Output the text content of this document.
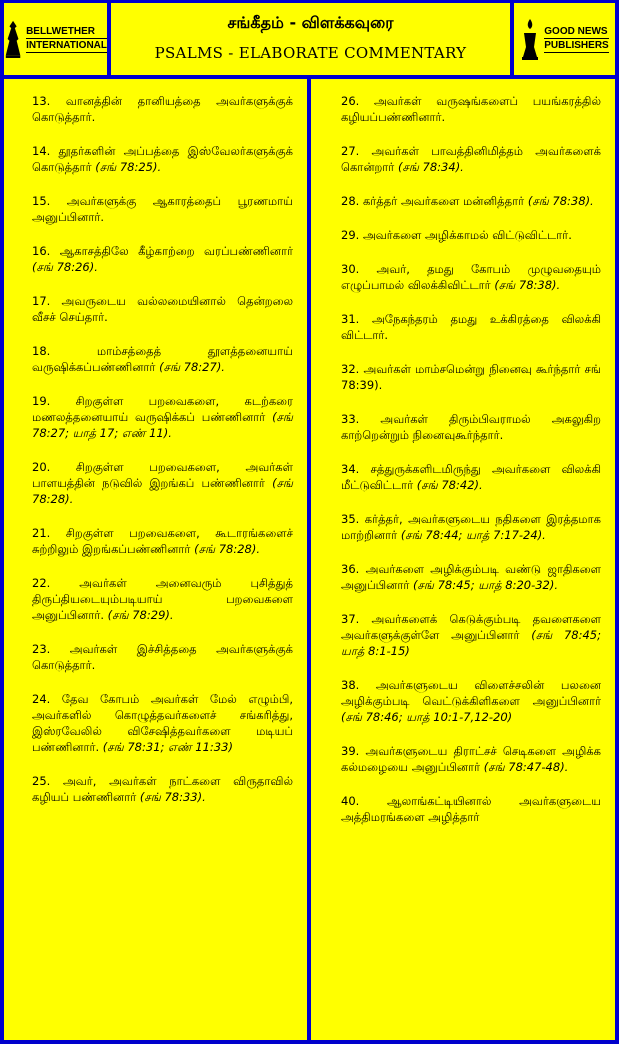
BELLWETHER
INTERNATIONAL
சங்கீதம் - விளக்கவுரை
PSALMS - ELABORATE COMMENTARY
GOOD NEWS
PUBLISHERS
13. வானத்தின் தானியத்தை அவர்களுக்குக் கொடுத்தார்.
14. தூதர்களின் அப்பத்தை இஸ்வேலர்களுக்குக் கொடுத்தார் (சங் 78:25).
15. அவர்களுக்கு ஆகாரத்தைப் பூரணமாய் அனுப்பினார்.
16. ஆகாசத்திலே கீழ்காற்றை வரப்பண்ணினார் (சங் 78:26).
17. அவருடைய வல்லமையினால் தென்றலை வீசச் செய்தார்.
18. மாம்சத்தைத் தூளத்தனையாய் வருஷிக்கப்பண்ணினார் (சங் 78:27).
19. சிறகுள்ள பறவைகளை, கடற்கரை மணலத்தனையாய் வருஷிக்கப் பண்ணினார் (சங் 78:27; யாத் 17; எண் 11).
20. சிறகுள்ள பறவைகளை, அவர்கள் பாளயத்தின் நடுவில் இறங்கப் பண்ணினார் (சங் 78:28).
21. சிறகுள்ள பறவைகளை, கூடாரங்களைச் சுற்றிலும் இறங்கப்பண்ணினார் (சங் 78:28).
22. அவர்கள் அனைவரும் புசித்துத் திருப்தியடையும்படியாய் பறவைகளை அனுப்பினார். (சங் 78:29).
23. அவர்கள் இச்சித்ததை அவர்களுக்குக் கொடுத்தார்.
24. தேவ கோபம் அவர்கள் மேல் எழும்பி, அவர்களில் கொழுத்தவர்களைச் சங்கரித்து, இஸ்ரவேலில் விசேஷித்தவர்களை மடியப் பண்ணினார். (சங் 78:31; எண் 11:33)
25. அவர், அவர்கள் நாட்களை விருதாவில் கழியப் பண்ணினார் (சங் 78:33).
26. அவர்கள் வருஷங்களைப் பயங்கரத்தில் கழியப்பண்ணினார்.
27. அவர்கள் பாவத்தினிமித்தம் அவர்களைக் கொன்றார் (சங் 78:34).
28. கர்த்தர் அவர்களை மன்னித்தார் (சங் 78:38).
29. அவர்களை அழிக்காமல் விட்டுவிட்டார்.
30. அவர், தமது கோபம் முழுவதையும் எழுப்பாமல் விலக்கிவிட்டார் (சங் 78:38).
31. அநேகந்தரம் தமது உக்கிரத்தை விலக்கி விட்டார்.
32. அவர்கள் மாம்சமென்று நினைவு கூர்ந்தார் சங் 78:39).
33. அவர்கள் திரும்பிவராமல் அகலுகிற காற்றென்றும் நினைவுகூர்ந்தார்.
34. சத்துருக்களிடமிருந்து அவர்களை விலக்கி மீட்டுவிட்டார் (சங் 78:42).
35. கர்த்தர், அவர்களுடைய நதிகளை இரத்தமாக மாற்றினார் (சங் 78:44; யாத் 7:17-24).
36. அவர்களை அழிக்கும்படி வண்டு ஜாதிகளை அனுப்பினார் (சங் 78:45; யாத் 8:20-32).
37. அவர்களைக் கெடுக்கும்படி தவளைகளை அவர்களுக்குள்ளே அனுப்பினார் (சங் 78:45; யாத் 8:1-15)
38. அவர்களுடைய விளைச்சலின் பலனை அழிக்கும்படி வெட்டுக்கிளிகளை அனுப்பினார் (சங் 78:46; யாத் 10:1-7,12-20)
39. அவர்களுடைய திராட்சச் செடிகளை அழிக்க கல்மழையை அனுப்பினார் (சங் 78:47-48).
40. ஆலாங்கட்டியினால் அவர்களுடைய அத்திமரங்களை அழித்தார்
